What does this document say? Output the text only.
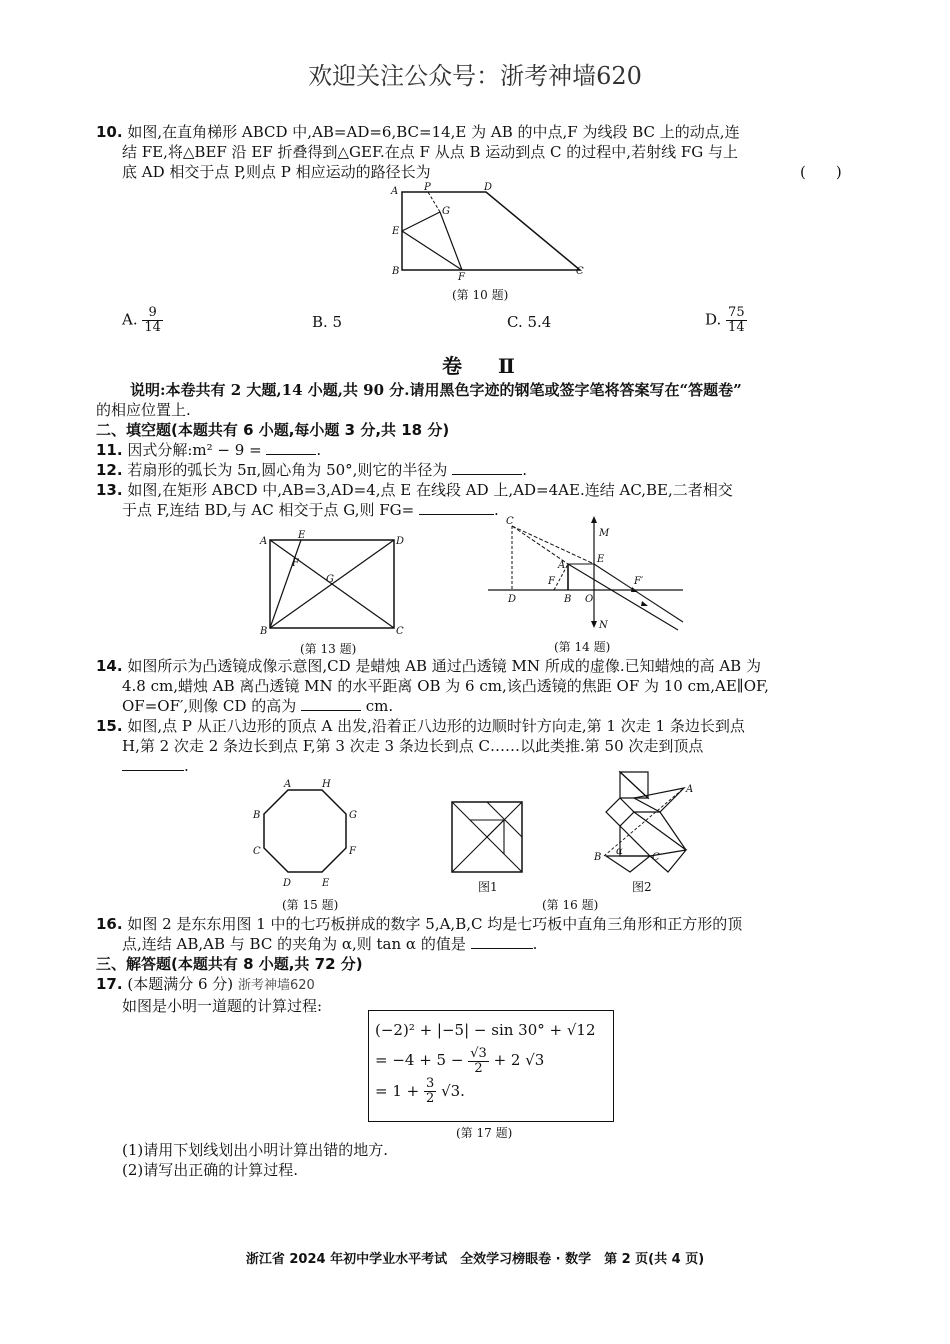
欢迎关注公众号：浙考神墙620
10. 如图,在直角梯形 ABCD 中,AB=AD=6,BC=14,E 为 AB 的中点,F 为线段 BC 上的动点,连
结 FE,将△BEF 沿 EF 折叠得到△GEF.在点 F 从点 B 运动到点 C 的过程中,若射线 FG 与上
底 AD 相交于点 P,则点 P 相应运动的路径长为	(　　)
A	P	D
G
E
B
F
C
(第 10 题)
A. $\frac{9}{14}$	B. 5	C. 5.4	D. $\frac{75}{14}$
卷　Ⅱ
说明:本卷共有 2 大题,14 小题,共 90 分.请用黑色字迹的钢笔或签字笔将答案写在“答题卷”
的相应位置上.
二、填空题(本题共有 6 小题,每小题 3 分,共 18 分)
11. 因式分解:m² − 9 =	.
12. 若扇形的弧长为 5π,圆心角为 50°,则它的半径为	.
13. 如图,在矩形 ABCD 中,AB=3,AD=4,点 E 在线段 AD 上,AD=4AE.连结 AC,BE,二者相交
于点 F,连结 BD,与 AC 相交于点 G,则 FG=	.
A
E
D
F
G
B	C
(第 13 题)
C
M
A
E
F	F′
D	B O
N
(第 14 题)
14. 如图所示为凸透镜成像示意图,CD 是蜡烛 AB 通过凸透镜 MN 所成的虚像.已知蜡烛的高 AB 为
4.8 cm,蜡烛 AB 离凸透镜 MN 的水平距离 OB 为 6 cm,该凸透镜的焦距 OF 为 10 cm,AE∥OF,
OF=OF′,则像 CD 的高为	cm.
15. 如图,点 P 从正八边形的顶点 A 出发,沿着正八边形的边顺时针方向走,第 1 次走 1 条边长到点
H,第 2 次走 2 条边长到点 F,第 3 次走 3 条边长到点 C……以此类推.第 50 次走到顶点
.
A	H
B	G
C	F
D	E
(第 15 题)
图1
A
B	C
α
图2
(第 16 题)
16. 如图 2 是东东用图 1 中的七巧板拼成的数字 5,A,B,C 均是七巧板中直角三角形和正方形的顶
点,连结 AB,AB 与 BC 的夹角为 α,则 tan α 的值是	.
三、解答题(本题共有 8 小题,共 72 分)
17. (本题满分 6 分) 浙考神墙620
如图是小明一道题的计算过程:
(−2)² + |−5| − sin 30° + √12
= $-4 + 5 - \frac{√3}{2} + 2$ √3
= $1 + \frac{3}{2} √3$.
(第 17 题)
(1)请用下划线划出小明计算出错的地方.
(2)请写出正确的计算过程.
浙江省 2024 年初中学业水平考试　全效学习榜眼卷 · 数学　第 2 页(共 4 页)
